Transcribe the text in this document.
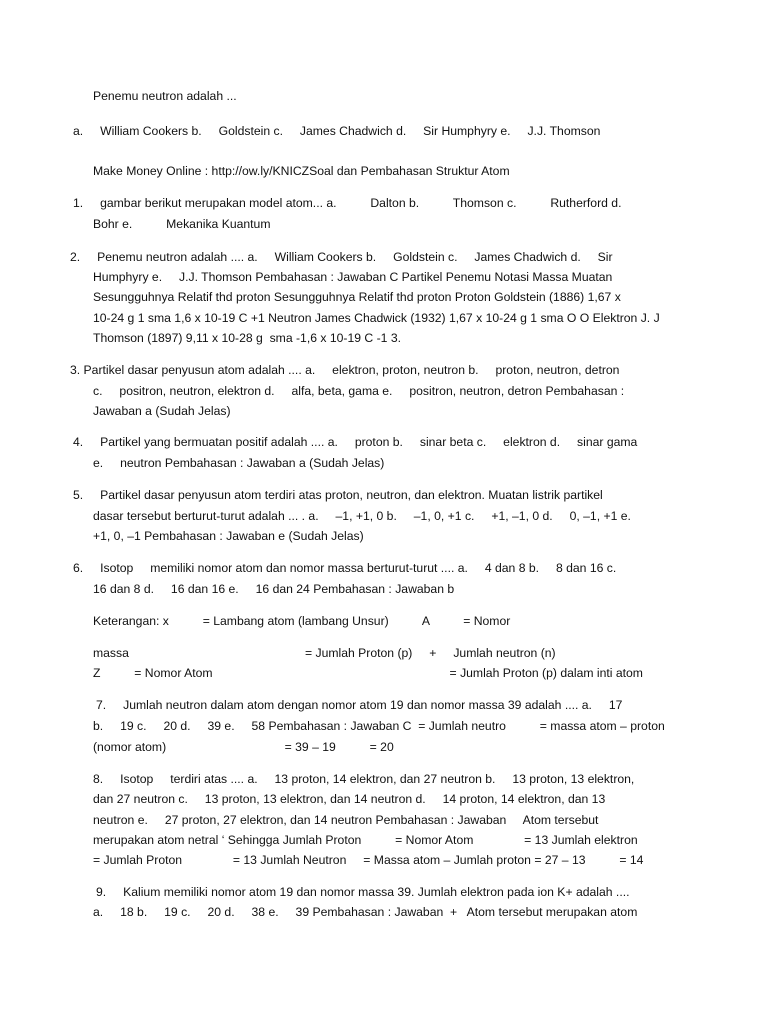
Penemu neutron adalah ...
a.     William Cookers b.     Goldstein c.     James Chadwich d.     Sir Humphyry e.     J.J. Thomson
Make Money Online : http://ow.ly/KNICZSoal dan Pembahasan Struktur Atom
1.     gambar berikut merupakan model atom... a.          Dalton b.          Thomson c.          Rutherford d.
Bohr e.          Mekanika Kuantum
2.     Penemu neutron adalah .... a.     William Cookers b.     Goldstein c.     James Chadwich d.     Sir
Humphyry e.     J.J. Thomson Pembahasan : Jawaban C Partikel Penemu Notasi Massa Muatan
Sesungguhnya Relatif thd proton Sesungguhnya Relatif thd proton Proton Goldstein (1886) 1,67 x
10-24 g 1 sma 1,6 x 10-19 C +1 Neutron James Chadwick (1932) 1,67 x 10-24 g 1 sma O O Elektron J. J
Thomson (1897) 9,11 x 10-28 g  sma -1,6 x 10-19 C -1 3.
3. Partikel dasar penyusun atom adalah .... a.     elektron, proton, neutron b.     proton, neutron, detron
c.     positron, neutron, elektron d.     alfa, beta, gama e.     positron, neutron, detron Pembahasan :
Jawaban a (Sudah Jelas)
4.     Partikel yang bermuatan positif adalah .... a.     proton b.     sinar beta c.     elektron d.     sinar gama
e.     neutron Pembahasan : Jawaban a (Sudah Jelas)
5.     Partikel dasar penyusun atom terdiri atas proton, neutron, dan elektron. Muatan listrik partikel
dasar tersebut berturut-turut adalah ... . a.     –1, +1, 0 b.     –1, 0, +1 c.     +1, –1, 0 d.     0, –1, +1 e.
+1, 0, –1 Pembahasan : Jawaban e (Sudah Jelas)
6.     Isotop     memiliki nomor atom dan nomor massa berturut-turut .... a.     4 dan 8 b.     8 dan 16 c.
16 dan 8 d.     16 dan 16 e.     16 dan 24 Pembahasan : Jawaban b
Keterangan: x          = Lambang atom (lambang Unsur)          A          = Nomor
massa                                                    = Jumlah Proton (p)     +     Jumlah neutron (n)
Z          = Nomor Atom                                                                      = Jumlah Proton (p) dalam inti atom
7.     Jumlah neutron dalam atom dengan nomor atom 19 dan nomor massa 39 adalah .... a.     17
b.     19 c.     20 d.     39 e.     58 Pembahasan : Jawaban C  = Jumlah neutro          = massa atom – proton
(nomor atom)                                   = 39 – 19          = 20
8.     Isotop     terdiri atas .... a.     13 proton, 14 elektron, dan 27 neutron b.     13 proton, 13 elektron,
dan 27 neutron c.     13 proton, 13 elektron, dan 14 neutron d.     14 proton, 14 elektron, dan 13
neutron e.     27 proton, 27 elektron, dan 14 neutron Pembahasan : Jawaban     Atom tersebut
merupakan atom netral ‘ Sehingga Jumlah Proton          = Nomor Atom               = 13 Jumlah elektron
= Jumlah Proton               = 13 Jumlah Neutron     = Massa atom – Jumlah proton = 27 – 13          = 14
9.     Kalium memiliki nomor atom 19 dan nomor massa 39. Jumlah elektron pada ion K+ adalah ....
a.     18 b.     19 c.     20 d.     38 e.     39 Pembahasan : Jawaban  +   Atom tersebut merupakan atom
